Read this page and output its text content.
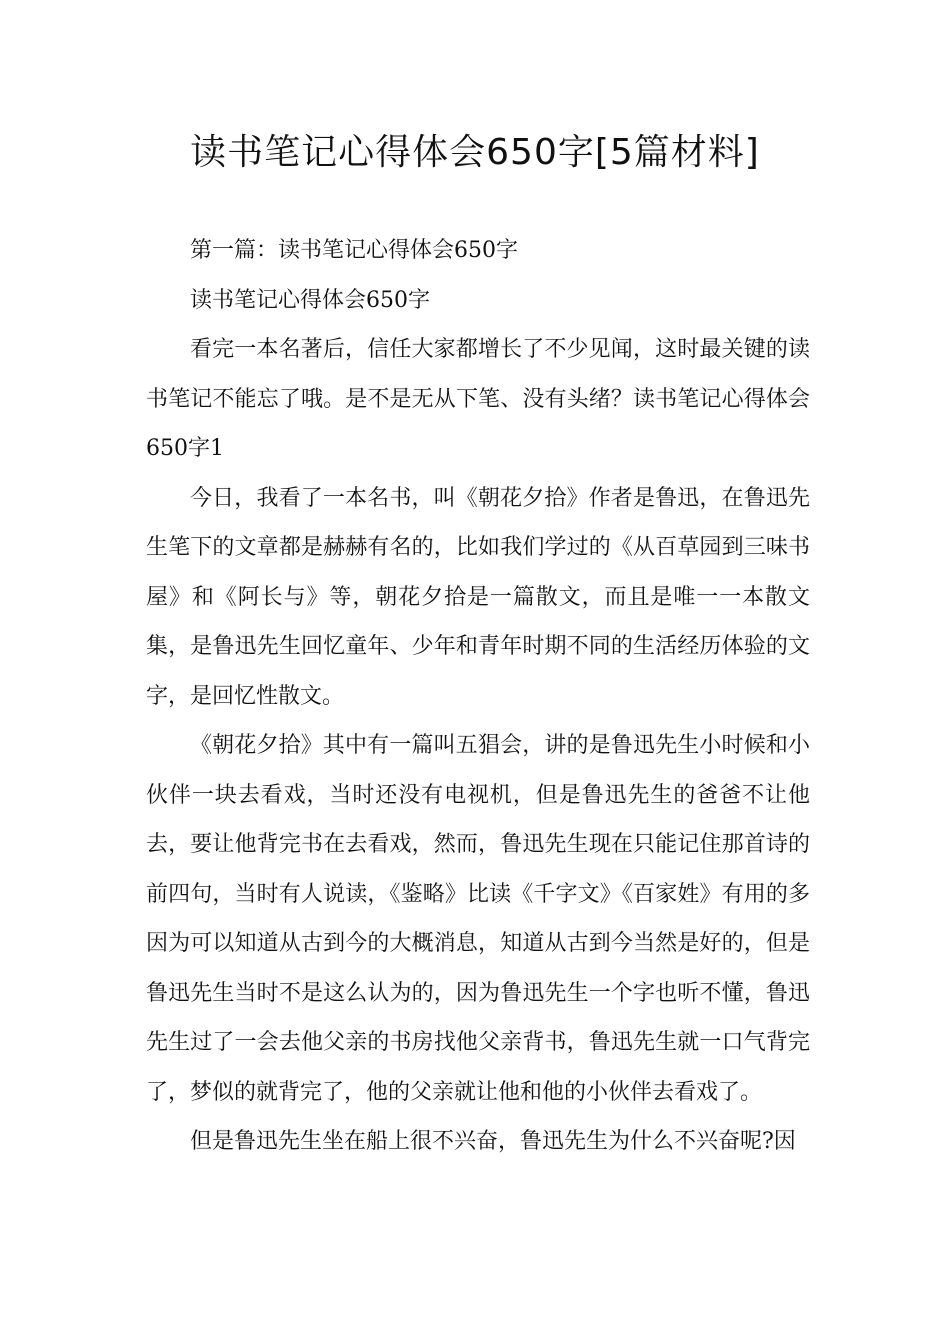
读书笔记心得体会650字[5篇材料]

第一篇：读书笔记心得体会650字

读书笔记心得体会650字

看完一本名著后，信任大家都增长了不少见闻，这时最关键的读书笔记不能忘了哦。是不是无从下笔、没有头绪？读书笔记心得体会650字1

今日，我看了一本名书，叫《朝花夕拾》作者是鲁迅，在鲁迅先生笔下的文章都是赫赫有名的，比如我们学过的《从百草园到三味书屋》和《阿长与》等，朝花夕拾是一篇散文，而且是唯一一本散文集，是鲁迅先生回忆童年、少年和青年时期不同的生活经历体验的文字，是回忆性散文。

《朝花夕拾》其中有一篇叫五猖会，讲的是鲁迅先生小时候和小伙伴一块去看戏，当时还没有电视机，但是鲁迅先生的爸爸不让他去，要让他背完书在去看戏，然而，鲁迅先生现在只能记住那首诗的前四句，当时有人说读，《鉴略》比读《千字文》《百家姓》有用的多因为可以知道从古到今的大概消息，知道从古到今当然是好的，但是鲁迅先生当时不是这么认为的，因为鲁迅先生一个字也听不懂，鲁迅先生过了一会去他父亲的书房找他父亲背书，鲁迅先生就一口气背完了，梦似的就背完了，他的父亲就让他和他的小伙伴去看戏了。

但是鲁迅先生坐在船上很不兴奋，鲁迅先生为什么不兴奋呢?因
